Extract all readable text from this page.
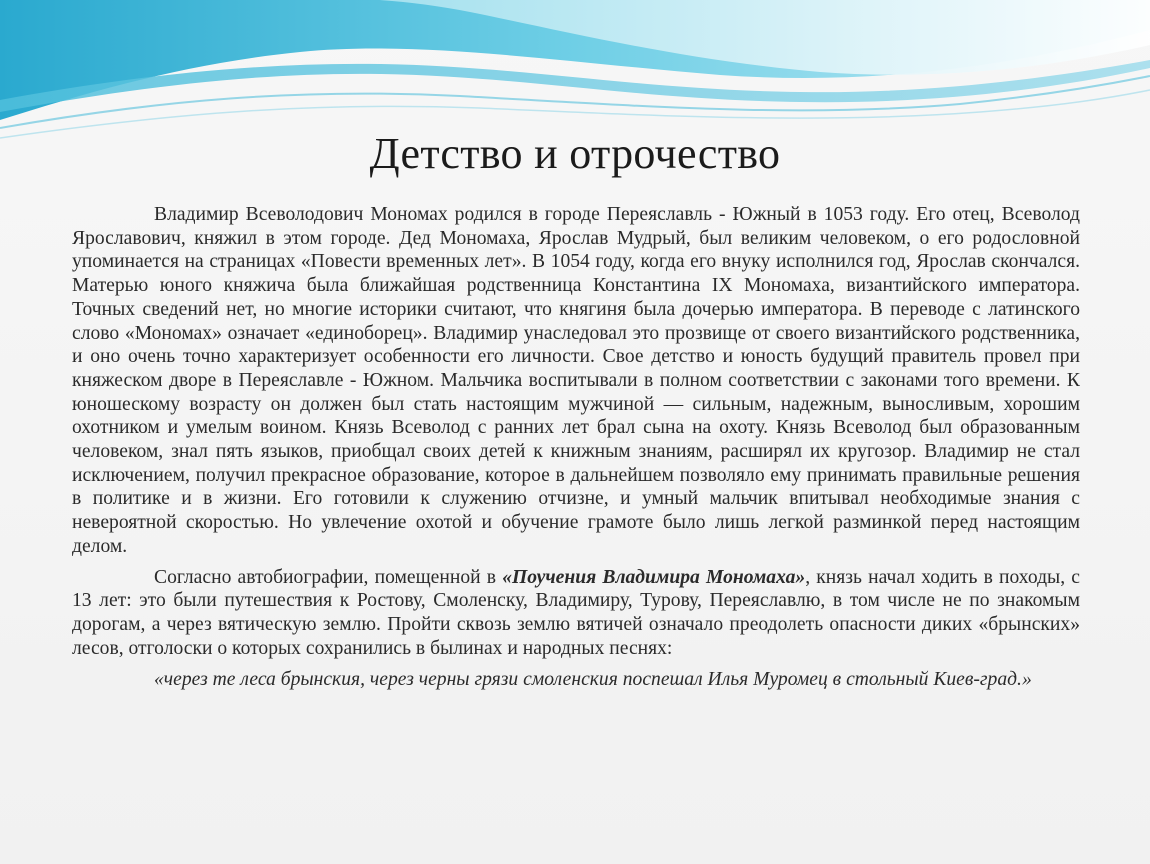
Детство и отрочество

Владимир Всеволодович Мономах родился в городе Переяславль - Южный в 1053 году. Его отец, Всеволод Ярославович, княжил в этом городе. Дед Мономаха, Ярослав Мудрый, был великим человеком, о его родословной упоминается на страницах «Повести временных лет». В 1054 году, когда его внуку исполнился год, Ярослав скончался. Матерью юного княжича была ближайшая родственница Константина IX Мономаха, византийского императора. Точных сведений нет, но многие историки считают, что княгиня была дочерью императора. В переводе с латинского слово «Мономах» означает «единоборец». Владимир унаследовал это прозвище от своего византийского родственника, и оно очень точно характеризует особенности его личности. Свое детство и юность будущий правитель провел при княжеском дворе в Переяславле - Южном. Мальчика воспитывали в полном соответствии с законами того времени. К юношескому возрасту он должен был стать настоящим мужчиной — сильным, надежным, выносливым, хорошим охотником и умелым воином. Князь Всеволод с ранних лет брал сына на охоту. Князь Всеволод был образованным человеком, знал пять языков, приобщал своих детей к книжным знаниям, расширял их кругозор. Владимир не стал исключением, получил прекрасное образование, которое в дальнейшем позволяло ему принимать правильные решения в политике и в жизни. Его готовили к служению отчизне, и умный мальчик впитывал необходимые знания с невероятной скоростью. Но увлечение охотой и обучение грамоте было лишь легкой разминкой перед настоящим делом.

Согласно автобиографии, помещенной в «Поучения Владимира Мономаха», князь начал ходить в походы, с 13 лет: это были путешествия к Ростову, Смоленску, Владимиру, Турову, Переяславлю, в том числе не по знакомым дорогам, а через вятическую землю. Пройти сквозь землю вятичей означало преодолеть опасности диких «брынских» лесов, отголоски о которых сохранились в былинах и народных песнях:

«через те леса брынския, через черны грязи смоленския поспешал Илья Муромец в стольный Киев-град.»
